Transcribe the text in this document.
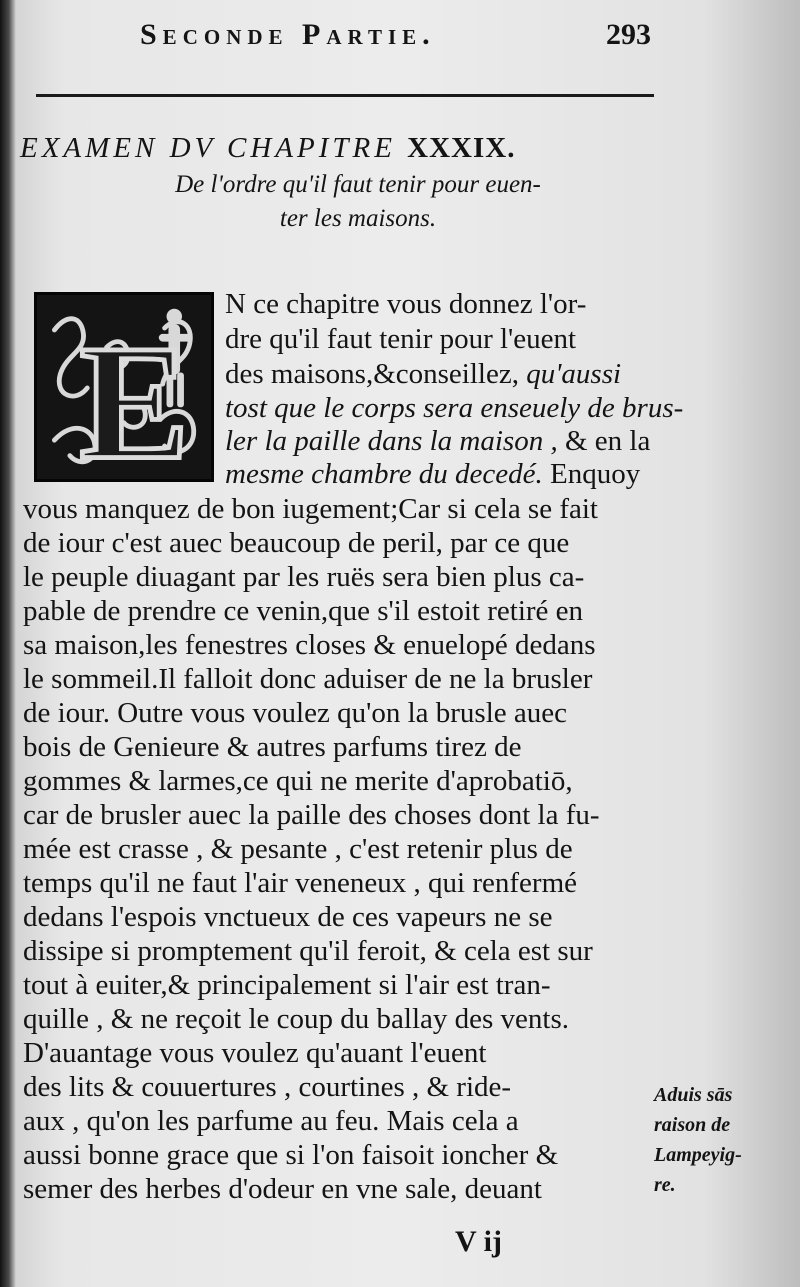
Seconde Partie.	293
EXAMEN DV CHAPITRE XXXIX.
De l'ordre qu'il faut tenir pour euen-
ter les maisons.
E
N ce chapitre vous donnez l'or-
dre qu'il faut tenir pour l'euent
des maisons,&conseillez, qu'aussi
tost que le corps sera enseuely de brus-
ler la paille dans la maison , & en la
mesme chambre du decedé. Enquoy
vous manquez de bon iugement;Car si cela se fait
de iour c'est auec beaucoup de peril, par ce que
le peuple diuagant par les ruës sera bien plus ca-
pable de prendre ce venin,que s'il estoit retiré en
sa maison,les fenestres closes & enuelopé dedans
le sommeil.Il falloit donc aduiser de ne la brusler
de iour. Outre vous voulez qu'on la brusle auec
bois de Genieure & autres parfums tirez de
gommes & larmes,ce qui ne merite d'aprobatiō,
car de brusler auec la paille des choses dont la fu-
mée est crasse , & pesante , c'est retenir plus de
temps qu'il ne faut l'air veneneux , qui renfermé
dedans l'espois vnctueux de ces vapeurs ne se
dissipe si promptement qu'il feroit, & cela est sur
tout à euiter,& principalement si l'air est tran-
quille , & ne reçoit le coup du ballay des vents.
D'auantage vous voulez qu'auant l'euent
des lits & couuertures , courtines , & ride-
aux , qu'on les parfume au feu. Mais cela a
aussi bonne grace que si l'on faisoit ioncher &
semer des herbes d'odeur en vne sale, deuant
Aduis sās
raison de
Lampeyig-
re.
V ij
